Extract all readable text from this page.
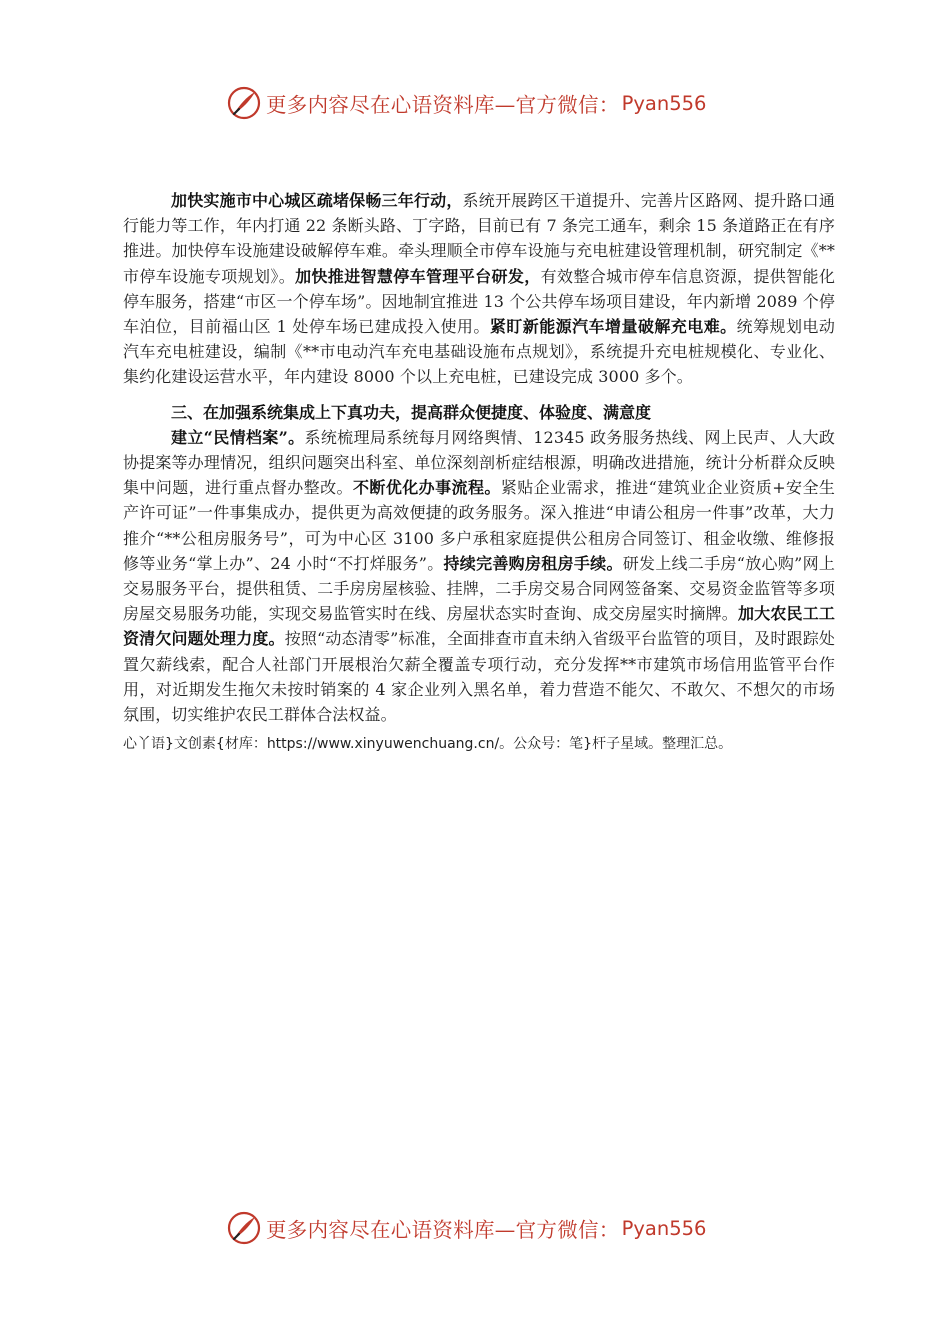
更多内容尽在心语资料库—官方微信： Pyan556

加快实施市中心城区疏堵保畅三年行动，系统开展跨区干道提升、完善片区路网、提升路口通行能力等工作，年内打通 22 条断头路、丁字路，目前已有 7 条完工通车，剩余 15 条道路正在有序推进。加快停车设施建设破解停车难。牵头理顺全市停车设施与充电桩建设管理机制，研究制定《**市停车设施专项规划》。加快推进智慧停车管理平台研发，有效整合城市停车信息资源，提供智能化停车服务，搭建“市区一个停车场”。因地制宜推进 13 个公共停车场项目建设，年内新增 2089 个停车泊位，目前福山区 1 处停车场已建成投入使用。紧盯新能源汽车增量破解充电难。统筹规划电动汽车充电桩建设，编制《**市电动汽车充电基础设施布点规划》，系统提升充电桩规模化、专业化、集约化建设运营水平，年内建设 8000 个以上充电桩，已建设完成 3000 多个。

三、在加强系统集成上下真功夫，提高群众便捷度、体验度、满意度

建立“民情档案”。系统梳理局系统每月网络舆情、12345 政务服务热线、网上民声、人大政协提案等办理情况，组织问题突出科室、单位深刻剖析症结根源，明确改进措施，统计分析群众反映集中问题，进行重点督办整改。不断优化办事流程。紧贴企业需求，推进“建筑业企业资质+安全生产许可证”一件事集成办，提供更为高效便捷的政务服务。深入推进“申请公租房一件事”改革，大力推介“**公租房服务号”，可为中心区 3100 多户承租家庭提供公租房合同签订、租金收缴、维修报修等业务“掌上办”、24 小时“不打烊服务”。持续完善购房租房手续。研发上线二手房“放心购”网上交易服务平台，提供租赁、二手房房屋核验、挂牌，二手房交易合同网签备案、交易资金监管等多项房屋交易服务功能，实现交易监管实时在线、房屋状态实时查询、成交房屋实时摘牌。加大农民工工资清欠问题处理力度。按照“动态清零”标准，全面排查市直未纳入省级平台监管的项目，及时跟踪处置欠薪线索，配合人社部门开展根治欠薪全覆盖专项行动，充分发挥**市建筑市场信用监管平台作用，对近期发生拖欠未按时销案的 4 家企业列入黑名单，着力营造不能欠、不敢欠、不想欠的市场氛围，切实维护农民工群体合法权益。

心丫语}文创素{材库：https://www.xinyuwenchuang.cn/。公众号：笔}杆子星域。整理汇总。

更多内容尽在心语资料库—官方微信： Pyan556
